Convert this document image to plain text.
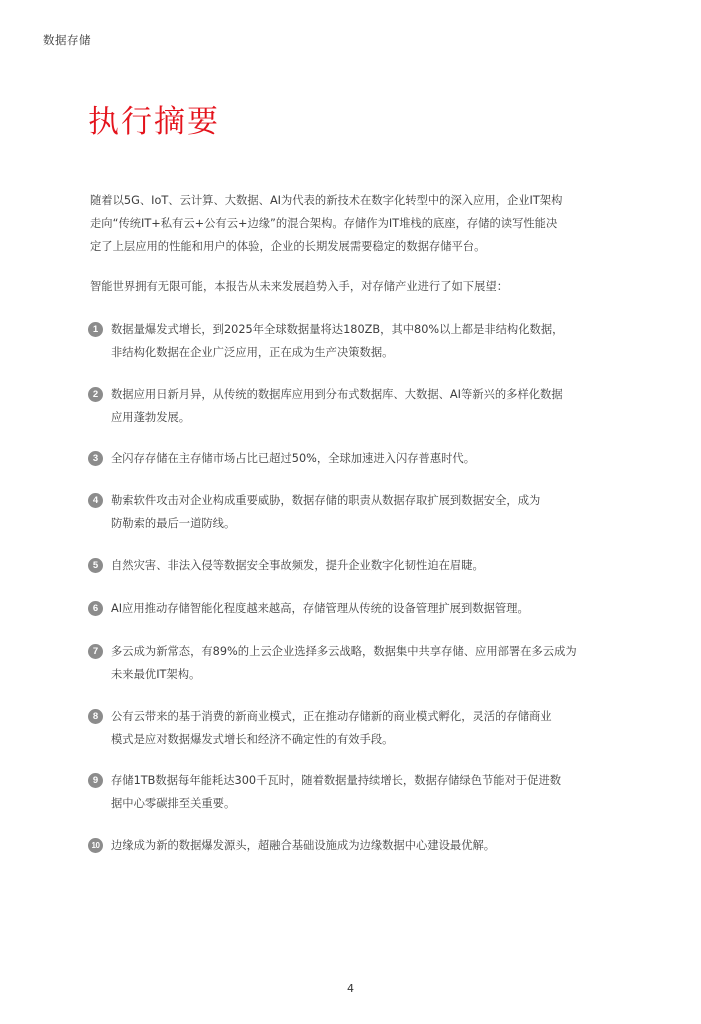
数据存储
执行摘要

随着以5G、IoT、云计算、大数据、AI为代表的新技术在数字化转型中的深入应用，企业IT架构
走向“传统IT+私有云+公有云+边缘”的混合架构。存储作为IT堆栈的底座，存储的读写性能决
定了上层应用的性能和用户的体验，企业的长期发展需要稳定的数据存储平台。

智能世界拥有无限可能，本报告从未来发展趋势入手，对存储产业进行了如下展望：

1	数据量爆发式增长，到2025年全球数据量将达180ZB，其中80%以上都是非结构化数据，
非结构化数据在企业广泛应用，正在成为生产决策数据。

2	数据应用日新月异，从传统的数据库应用到分布式数据库、大数据、AI等新兴的多样化数据
应用蓬勃发展。

3	全闪存存储在主存储市场占比已超过50%，全球加速进入闪存普惠时代。

4	勒索软件攻击对企业构成重要威胁，数据存储的职责从数据存取扩展到数据安全，成为
防勒索的最后一道防线。

5	自然灾害、非法入侵等数据安全事故频发，提升企业数字化韧性迫在眉睫。

6	AI应用推动存储智能化程度越来越高，存储管理从传统的设备管理扩展到数据管理。

7	多云成为新常态，有89%的上云企业选择多云战略，数据集中共享存储、应用部署在多云成为
未来最优IT架构。

8	公有云带来的基于消费的新商业模式，正在推动存储新的商业模式孵化，灵活的存储商业
模式是应对数据爆发式增长和经济不确定性的有效手段。

9	存储1TB数据每年能耗达300千瓦时，随着数据量持续增长，数据存储绿色节能对于促进数
据中心零碳排至关重要。

10	边缘成为新的数据爆发源头，超融合基础设施成为边缘数据中心建设最优解。

4
